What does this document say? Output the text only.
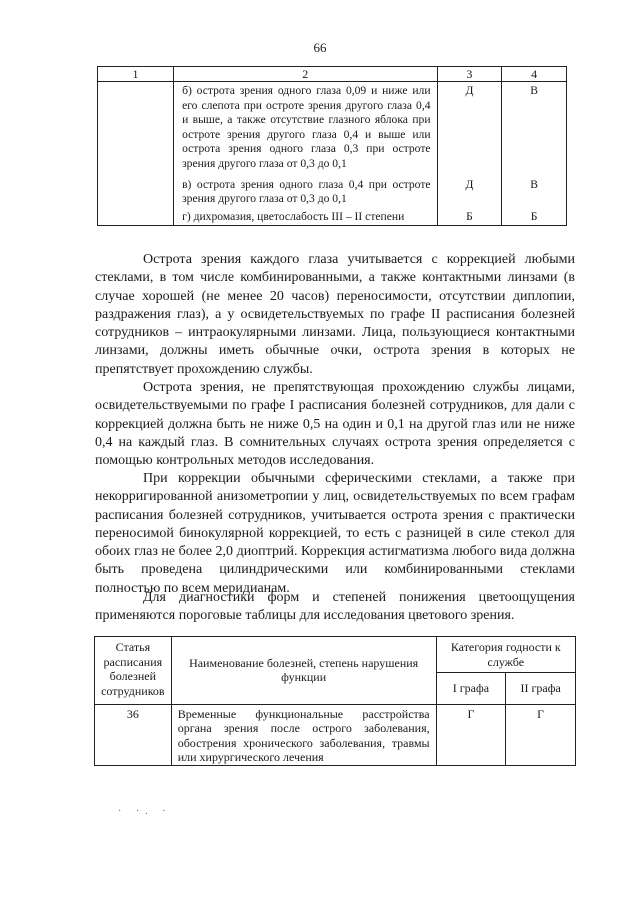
66
1	2	3	4
	б) острота зрения одного глаза 0,09 и ниже или его слепота при остроте зрения другого глаза 0,4 и выше, а также отсутствие глазного яблока при остроте зрения другого глаза 0,4 и выше или острота зрения одного глаза 0,3 при остроте зрения другого глаза от 0,3 до 0,1	Д	В
	в) острота зрения одного глаза 0,4 при остроте зрения другого глаза от 0,3 до 0,1	Д	В
	г) дихромазия, цветослабость III – II степени	Б	Б

Острота зрения каждого глаза учитывается с коррекцией любыми стеклами, в том числе комбинированными, а также контактными линзами (в случае хорошей (не менее 20 часов) переносимости, отсутствии диплопии, раздражения глаз), а у освидетельствуемых по графе II расписания болезней сотрудников – интраокулярными линзами. Лица, пользующиеся контактными линзами, должны иметь обычные очки, острота зрения в которых не препятствует прохождению службы.

Острота зрения, не препятствующая прохождению службы лицами, освидетельствуемыми по графе I расписания болезней сотрудников, для дали с коррекцией должна быть не ниже 0,5 на один и 0,1 на другой глаз или не ниже 0,4 на каждый глаз. В сомнительных случаях острота зрения определяется с помощью контрольных методов исследования.

При коррекции обычными сферическими стеклами, а также при некорригированной анизометропии у лиц, освидетельствуемых по всем графам расписания болезней сотрудников, учитывается острота зрения с практически переносимой бинокулярной коррекцией, то есть с разницей в силе стекол для обоих глаз не более 2,0 диоптрий. Коррекция астигматизма любого вида должна быть проведена цилиндрическими или комбинированными стеклами полностью по всем меридианам.

Для диагностики форм и степеней понижения цветоощущения применяются пороговые таблицы для исследования цветового зрения.

Статья расписания болезней сотрудников	Наименование болезней, степень нарушения функции	Категория годности к службе	
		I графа	II графа
36	Временные функциональные расстройства органа зрения после острого заболевания, обострения хронического заболевания, травмы или хирургического лечения	Г	Г
· ·. ·
